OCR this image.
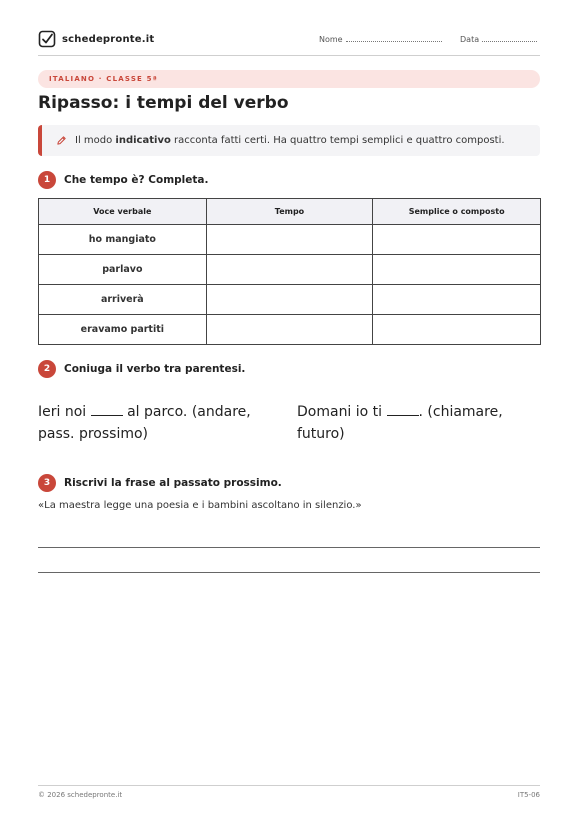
schedepronte.it	Nome	Data
ITALIANO · CLASSE 5ª
Ripasso: i tempi del verbo
Il modo indicativo racconta fatti certi. Ha quattro tempi semplici e quattro composti.
1	Che tempo è? Completa.
Voce verbale	Tempo	Semplice o composto
ho mangiato		
parlavo		
arriverà		
eravamo partiti		
2	Coniuga il verbo tra parentesi.
Ieri noi  al parco. (andare, pass. prossimo)
Domani io ti . (chiamare, futuro)
3	Riscrivi la frase al passato prossimo.
«La maestra legge una poesia e i bambini ascoltano in silenzio.»
© 2026 schedepronte.it	IT5-06
